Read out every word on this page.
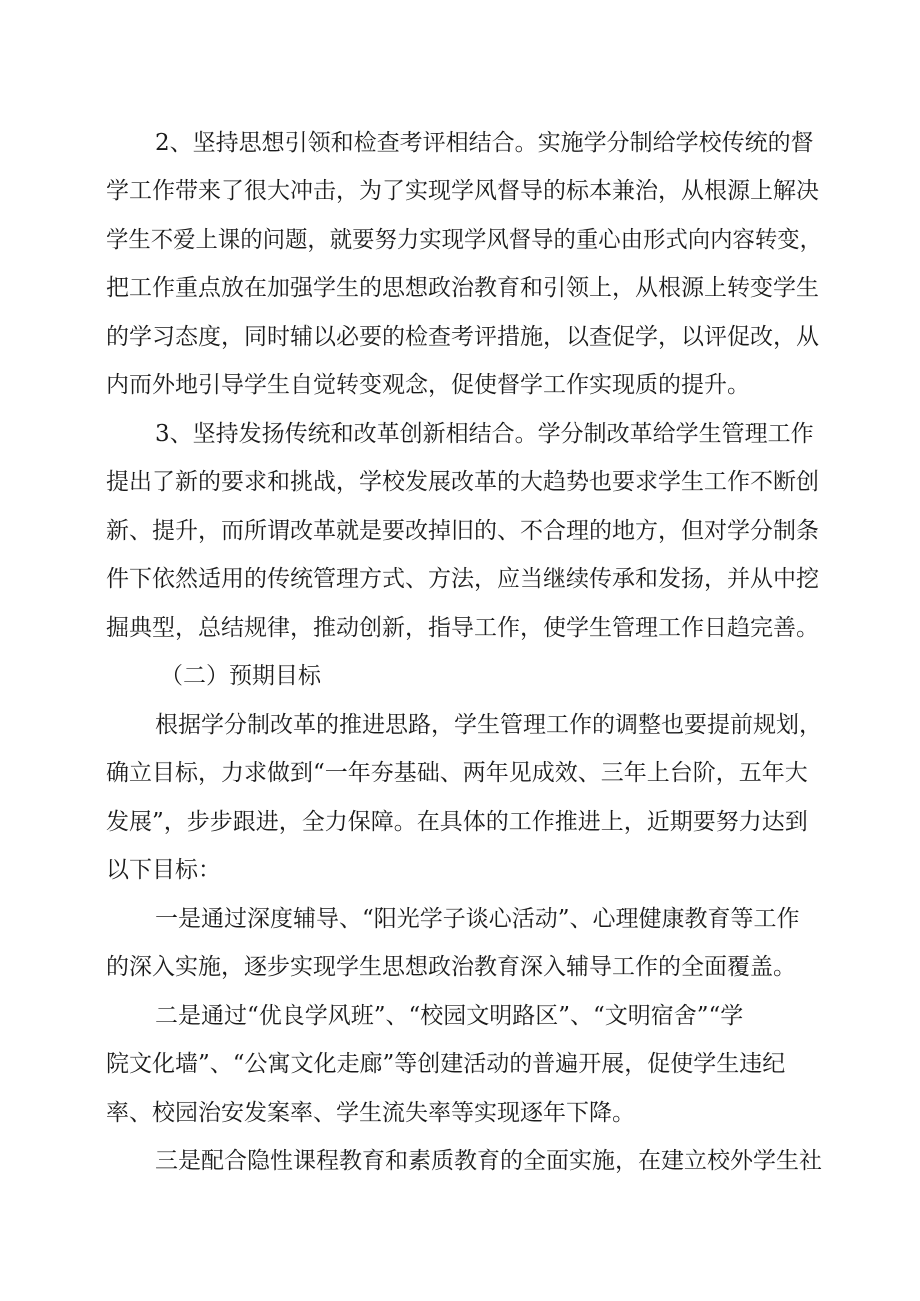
2、坚持思想引领和检查考评相结合。实施学分制给学校传统的督
学工作带来了很大冲击，为了实现学风督导的标本兼治，从根源上解决
学生不爱上课的问题，就要努力实现学风督导的重心由形式向内容转变，
把工作重点放在加强学生的思想政治教育和引领上，从根源上转变学生
的学习态度，同时辅以必要的检查考评措施，以查促学，以评促改，从
内而外地引导学生自觉转变观念，促使督学工作实现质的提升。
3、坚持发扬传统和改革创新相结合。学分制改革给学生管理工作
提出了新的要求和挑战，学校发展改革的大趋势也要求学生工作不断创
新、提升，而所谓改革就是要改掉旧的、不合理的地方，但对学分制条
件下依然适用的传统管理方式、方法，应当继续传承和发扬，并从中挖
掘典型，总结规律，推动创新，指导工作，使学生管理工作日趋完善。
（二）预期目标
根据学分制改革的推进思路，学生管理工作的调整也要提前规划，
确立目标，力求做到“一年夯基础、两年见成效、三年上台阶，五年大
发展”，步步跟进，全力保障。在具体的工作推进上，近期要努力达到
以下目标：
一是通过深度辅导、“阳光学子谈心活动”、心理健康教育等工作
的深入实施，逐步实现学生思想政治教育深入辅导工作的全面覆盖。
二是通过“优良学风班”、“校园文明路区”、“文明宿舍”“学
院文化墙”、“公寓文化走廊”等创建活动的普遍开展，促使学生违纪
率、校园治安发案率、学生流失率等实现逐年下降。
三是配合隐性课程教育和素质教育的全面实施，在建立校外学生社
